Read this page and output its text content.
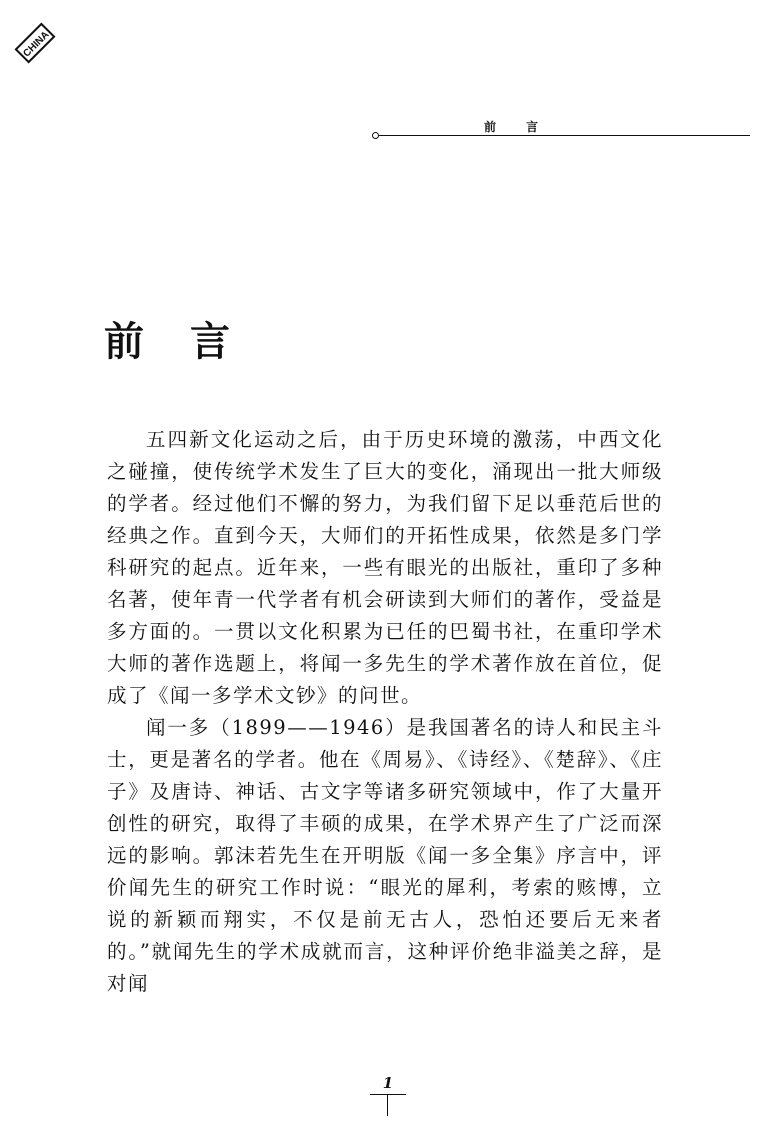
CHINA
前言
前言

五四新文化运动之后，由于历史环境的激荡，中西文化之碰撞，使传统学术发生了巨大的变化，涌现出一批大师级的学者。经过他们不懈的努力，为我们留下足以垂范后世的经典之作。直到今天，大师们的开拓性成果，依然是多门学科研究的起点。近年来，一些有眼光的出版社，重印了多种名著，使年青一代学者有机会研读到大师们的著作，受益是多方面的。一贯以文化积累为已任的巴蜀书社，在重印学术大师的著作选题上，将闻一多先生的学术著作放在首位，促成了《闻一多学术文钞》的问世。

闻一多（1899——1946）是我国著名的诗人和民主斗士，更是著名的学者。他在《周易》、《诗经》、《楚辞》、《庄子》及唐诗、神话、古文字等诸多研究领域中，作了大量开创性的研究，取得了丰硕的成果，在学术界产生了广泛而深远的影响。郭沫若先生在开明版《闻一多全集》序言中，评价闻先生的研究工作时说：“眼光的犀利，考索的赅博，立说的新颖而翔实，不仅是前无古人，恐怕还要后无来者的。”就闻先生的学术成就而言，这种评价绝非溢美之辞，是对闻

1
